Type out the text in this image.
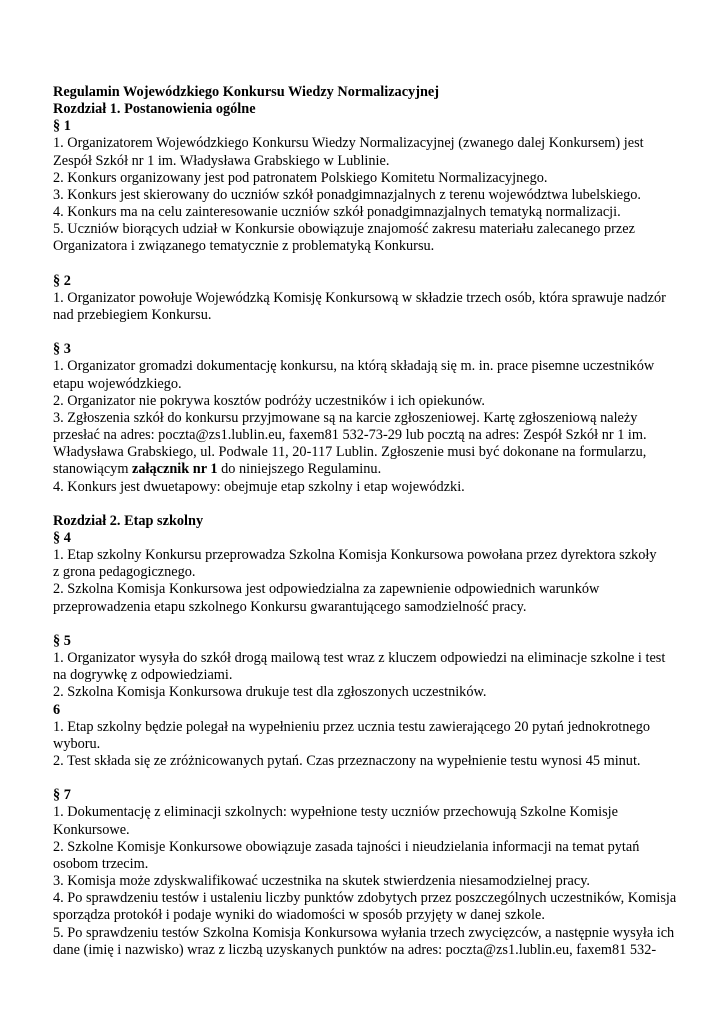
Regulamin Wojewódzkiego Konkursu Wiedzy Normalizacyjnej
Rozdział 1. Postanowienia ogólne
§ 1
1. Organizatorem Wojewódzkiego Konkursu Wiedzy Normalizacyjnej (zwanego dalej Konkursem) jest
Zespół Szkół nr 1 im. Władysława Grabskiego w Lublinie.
2. Konkurs organizowany jest pod patronatem Polskiego Komitetu Normalizacyjnego.
3. Konkurs jest skierowany do uczniów szkół ponadgimnazjalnych z terenu województwa lubelskiego.
4. Konkurs ma na celu zainteresowanie uczniów szkół ponadgimnazjalnych tematyką normalizacji.
5. Uczniów biorących udział w Konkursie obowiązuje znajomość zakresu materiału zalecanego przez
Organizatora i związanego tematycznie z problematyką Konkursu.
§ 2
1. Organizator powołuje Wojewódzką Komisję Konkursową w składzie trzech osób, która sprawuje nadzór
nad przebiegiem Konkursu.
§ 3
1. Organizator gromadzi dokumentację konkursu, na którą składają się m. in. prace pisemne uczestników
etapu wojewódzkiego.
2. Organizator nie pokrywa kosztów podróży uczestników i ich opiekunów.
3. Zgłoszenia szkół do konkursu przyjmowane są na karcie zgłoszeniowej. Kartę zgłoszeniową należy
przesłać na adres: poczta@zs1.lublin.eu, faxem81 532-73-29 lub pocztą na adres: Zespół Szkół nr 1 im.
Władysława Grabskiego, ul. Podwale 11, 20-117 Lublin. Zgłoszenie musi być dokonane na formularzu,
stanowiącym załącznik nr 1 do niniejszego Regulaminu.
4. Konkurs jest dwuetapowy: obejmuje etap szkolny i etap wojewódzki.
Rozdział 2. Etap szkolny
§ 4
1. Etap szkolny Konkursu przeprowadza Szkolna Komisja Konkursowa powołana przez dyrektora szkoły
z grona pedagogicznego.
2. Szkolna Komisja Konkursowa jest odpowiedzialna za zapewnienie odpowiednich warunków
przeprowadzenia etapu szkolnego Konkursu gwarantującego samodzielność pracy.
§ 5
1. Organizator wysyła do szkół drogą mailową test wraz z kluczem odpowiedzi na eliminacje szkolne i test
na dogrywkę z odpowiedziami.
2. Szkolna Komisja Konkursowa drukuje test dla zgłoszonych uczestników.
6
1. Etap szkolny będzie polegał na wypełnieniu przez ucznia testu zawierającego 20 pytań jednokrotnego
wyboru.
2. Test składa się ze zróżnicowanych pytań. Czas przeznaczony na wypełnienie testu wynosi 45 minut.
§ 7
1. Dokumentację z eliminacji szkolnych: wypełnione testy uczniów przechowują Szkolne Komisje
Konkursowe.
2. Szkolne Komisje Konkursowe obowiązuje zasada tajności i nieudzielania informacji na temat pytań
osobom trzecim.
3. Komisja może zdyskwalifikować uczestnika na skutek stwierdzenia niesamodzielnej pracy.
4. Po sprawdzeniu testów i ustaleniu liczby punktów zdobytych przez poszczególnych uczestników, Komisja
sporządza protokół i podaje wyniki do wiadomości w sposób przyjęty w danej szkole.
5. Po sprawdzeniu testów Szkolna Komisja Konkursowa wyłania trzech zwycięzców, a następnie wysyła ich
dane (imię i nazwisko) wraz z liczbą uzyskanych punktów na adres: poczta@zs1.lublin.eu, faxem81 532-
